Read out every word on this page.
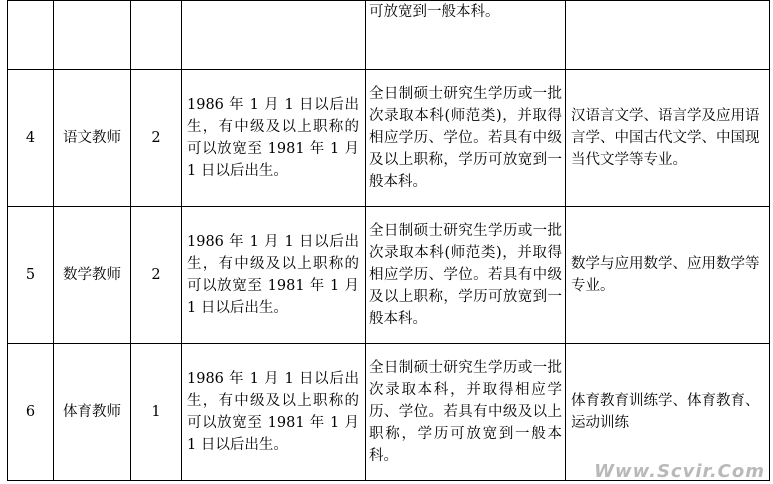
				可放宽到一般本科。	
4	语文教师	2	1986 年 1 月 1 日以后出生，有中级及以上职称的可以放宽至 1981 年 1 月 1 日以后出生。	全日制硕士研究生学历或一批次录取本科(师范类)，并取得相应学历、学位。若具有中级及以上职称，学历可放宽到一般本科。	汉语言文学、语言学及应用语言学、中国古代文学、中国现当代文学等专业。
5	数学教师	2	1986 年 1 月 1 日以后出生，有中级及以上职称的可以放宽至 1981 年 1 月 1 日以后出生。	全日制硕士研究生学历或一批次录取本科(师范类)，并取得相应学历、学位。若具有中级及以上职称，学历可放宽到一般本科。	数学与应用数学、应用数学等专业。
6	体育教师	1	1986 年 1 月 1 日以后出生，有中级及以上职称的可以放宽至 1981 年 1 月 1 日以后出生。	全日制硕士研究生学历或一批次录取本科，并取得相应学历、学位。若具有中级及以上职称，学历可放宽到一般本科。	体育教育训练学、体育教育、运动训练
Www.Scvir.Com
